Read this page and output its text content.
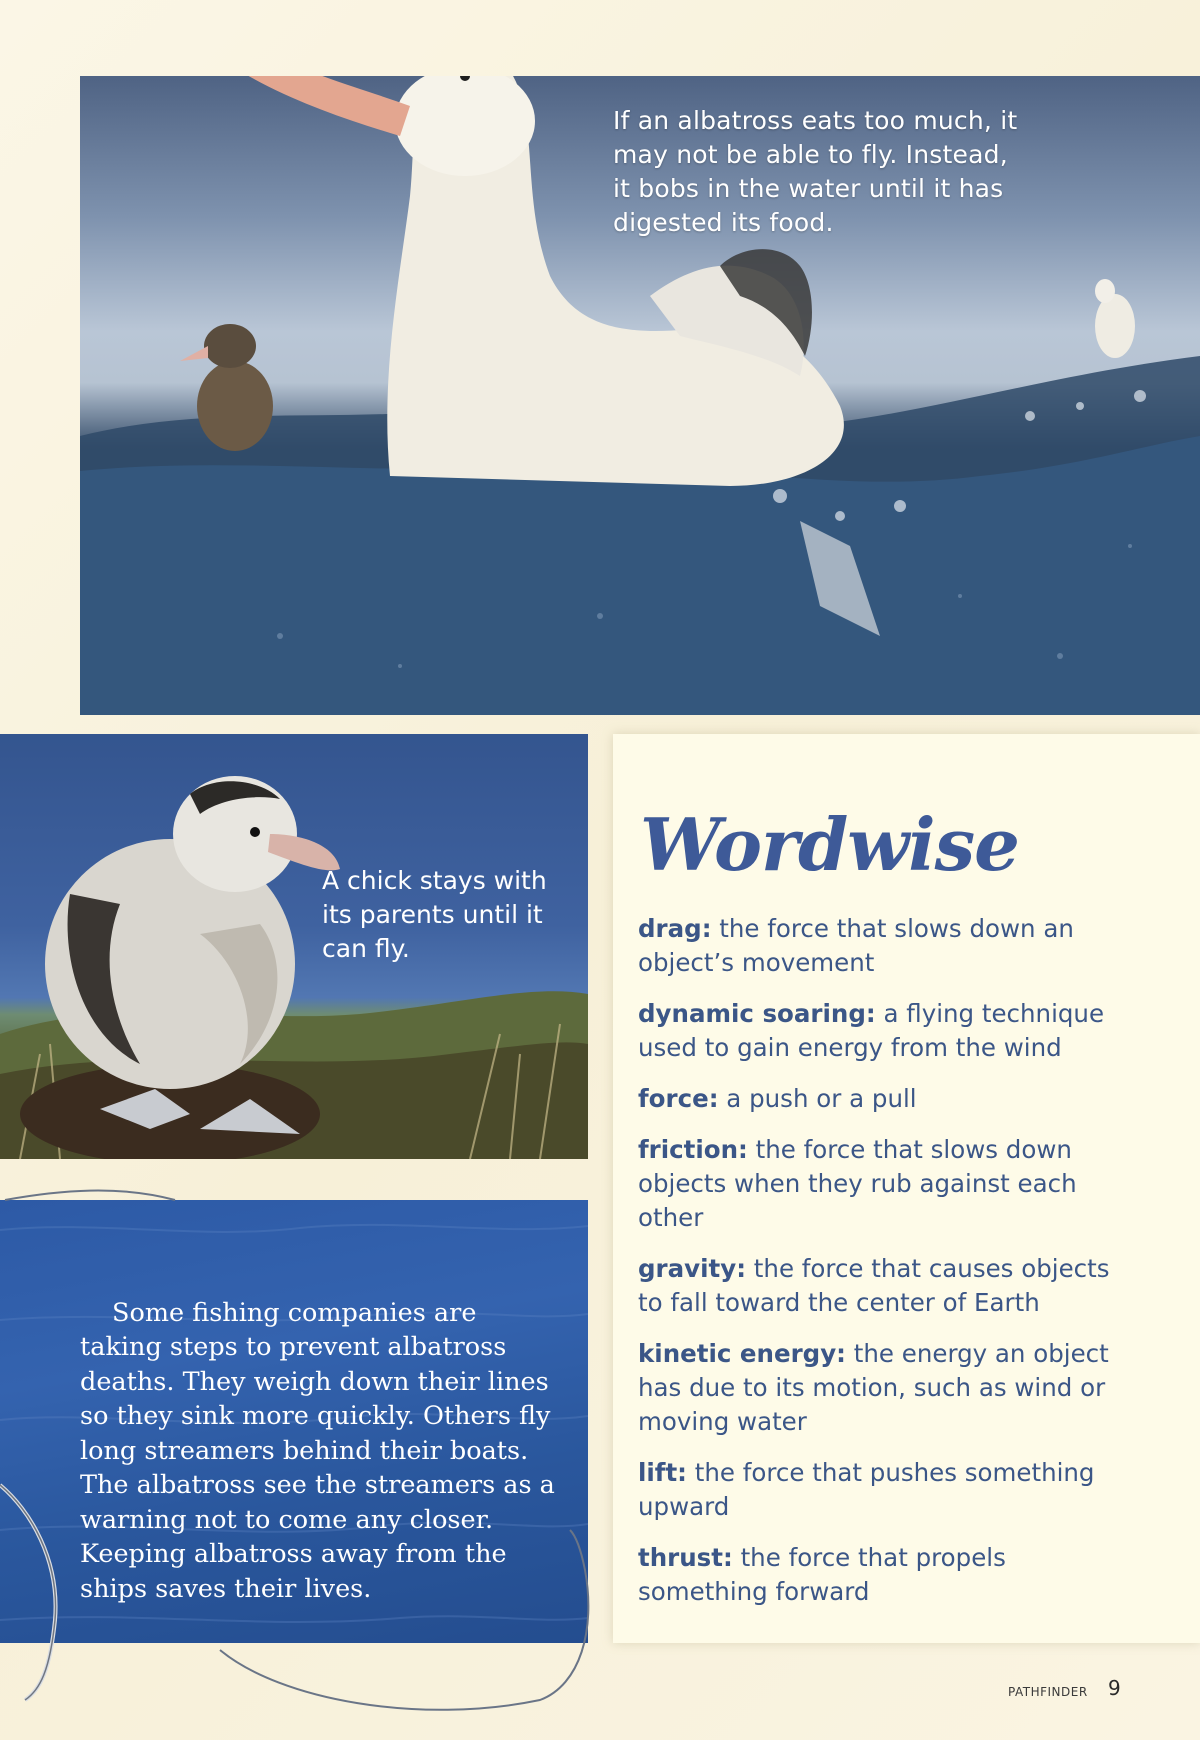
If an albatross eats too much, it may not be able to fly. Instead, it bobs in the water until it has digested its food.
A chick stays with its parents until it can fly.

Some fishing companies are taking steps to prevent albatross deaths. They weigh down their lines so they sink more quickly. Others fly long streamers behind their boats. The albatross see the streamers as a warning not to come any closer. Keeping albatross away from the ships saves their lives.

Wordwise
drag: the force that slows down an object’s movement
dynamic soaring: a flying technique used to gain energy from the wind
force: a push or a pull
friction: the force that slows down objects when they rub against each other
gravity: the force that causes objects to fall toward the center of Earth
kinetic energy: the energy an object has due to its motion, such as wind or moving water
lift: the force that pushes something upward
thrust: the force that propels something forward
PATHFINDER 9
